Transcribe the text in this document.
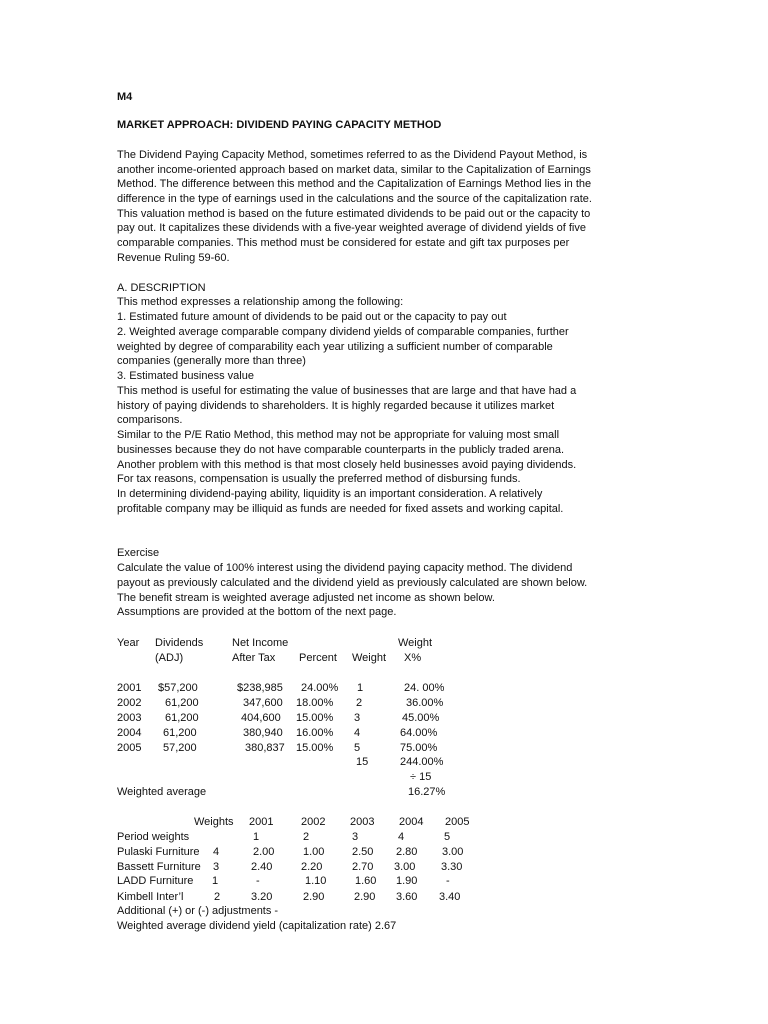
M4
MARKET APPROACH: DIVIDEND PAYING CAPACITY METHOD
The Dividend Paying Capacity Method, sometimes referred to as the Dividend Payout Method, is
another income-oriented approach based on market data, similar to the Capitalization of Earnings
Method. The difference between this method and the Capitalization of Earnings Method lies in the
difference in the type of earnings used in the calculations and the source of the capitalization rate.
This valuation method is based on the future estimated dividends to be paid out or the capacity to
pay out. It capitalizes these dividends with a five-year weighted average of dividend yields of five
comparable companies. This method must be considered for estate and gift tax purposes per
Revenue Ruling 59-60.
A. DESCRIPTION
This method expresses a relationship among the following:
1. Estimated future amount of dividends to be paid out or the capacity to pay out
2. Weighted average comparable company dividend yields of comparable companies, further
weighted by degree of comparability each year utilizing a sufficient number of comparable
companies (generally more than three)
3. Estimated business value
This method is useful for estimating the value of businesses that are large and that have had a
history of paying dividends to shareholders. It is highly regarded because it utilizes market
comparisons.
Similar to the P/E Ratio Method, this method may not be appropriate for valuing most small
businesses because they do not have comparable counterparts in the publicly traded arena.
Another problem with this method is that most closely held businesses avoid paying dividends.
For tax reasons, compensation is usually the preferred method of disbursing funds.
In determining dividend-paying ability, liquidity is an important consideration. A relatively
profitable company may be illiquid as funds are needed for fixed assets and working capital.
Exercise
Calculate the value of 100% interest using the dividend paying capacity method. The dividend
payout as previously calculated and the dividend yield as previously calculated are shown below.
The benefit stream is weighted average adjusted net income as shown below.
Assumptions are provided at the bottom of the next page.
Year Dividends	Net Income	Weight
(ADJ)	After Tax Percent Weight X%
2001 $57,200	$238,985 24.00% 1	24. 00%
2002 61,200	347,600 18.00% 2	36.00%
2003 61,200	404,600 15.00% 3	45.00%
2004 61,200	380,940 16.00% 4	64.00%
2005 57,200	380,837 15.00% 5	75.00%
15	244.00%
÷ 15
Weighted average	16.27%
Weights 2001	2002 2003 2004 2005
Period weights	1	2	3	4	5
Pulaski Furniture 4	2.00	1.00	2.50 2.80 3.00
Bassett Furniture 3	2.40	2.20	2.70 3.00 3.30
LADD Furniture 1	-	1.10	1.60 1.90	-
Kimbell Inter’l	2	3.20	2.90	2.90 3.60 3.40
Additional (+) or (-) adjustments -
Weighted average dividend yield (capitalization rate) 2.67
